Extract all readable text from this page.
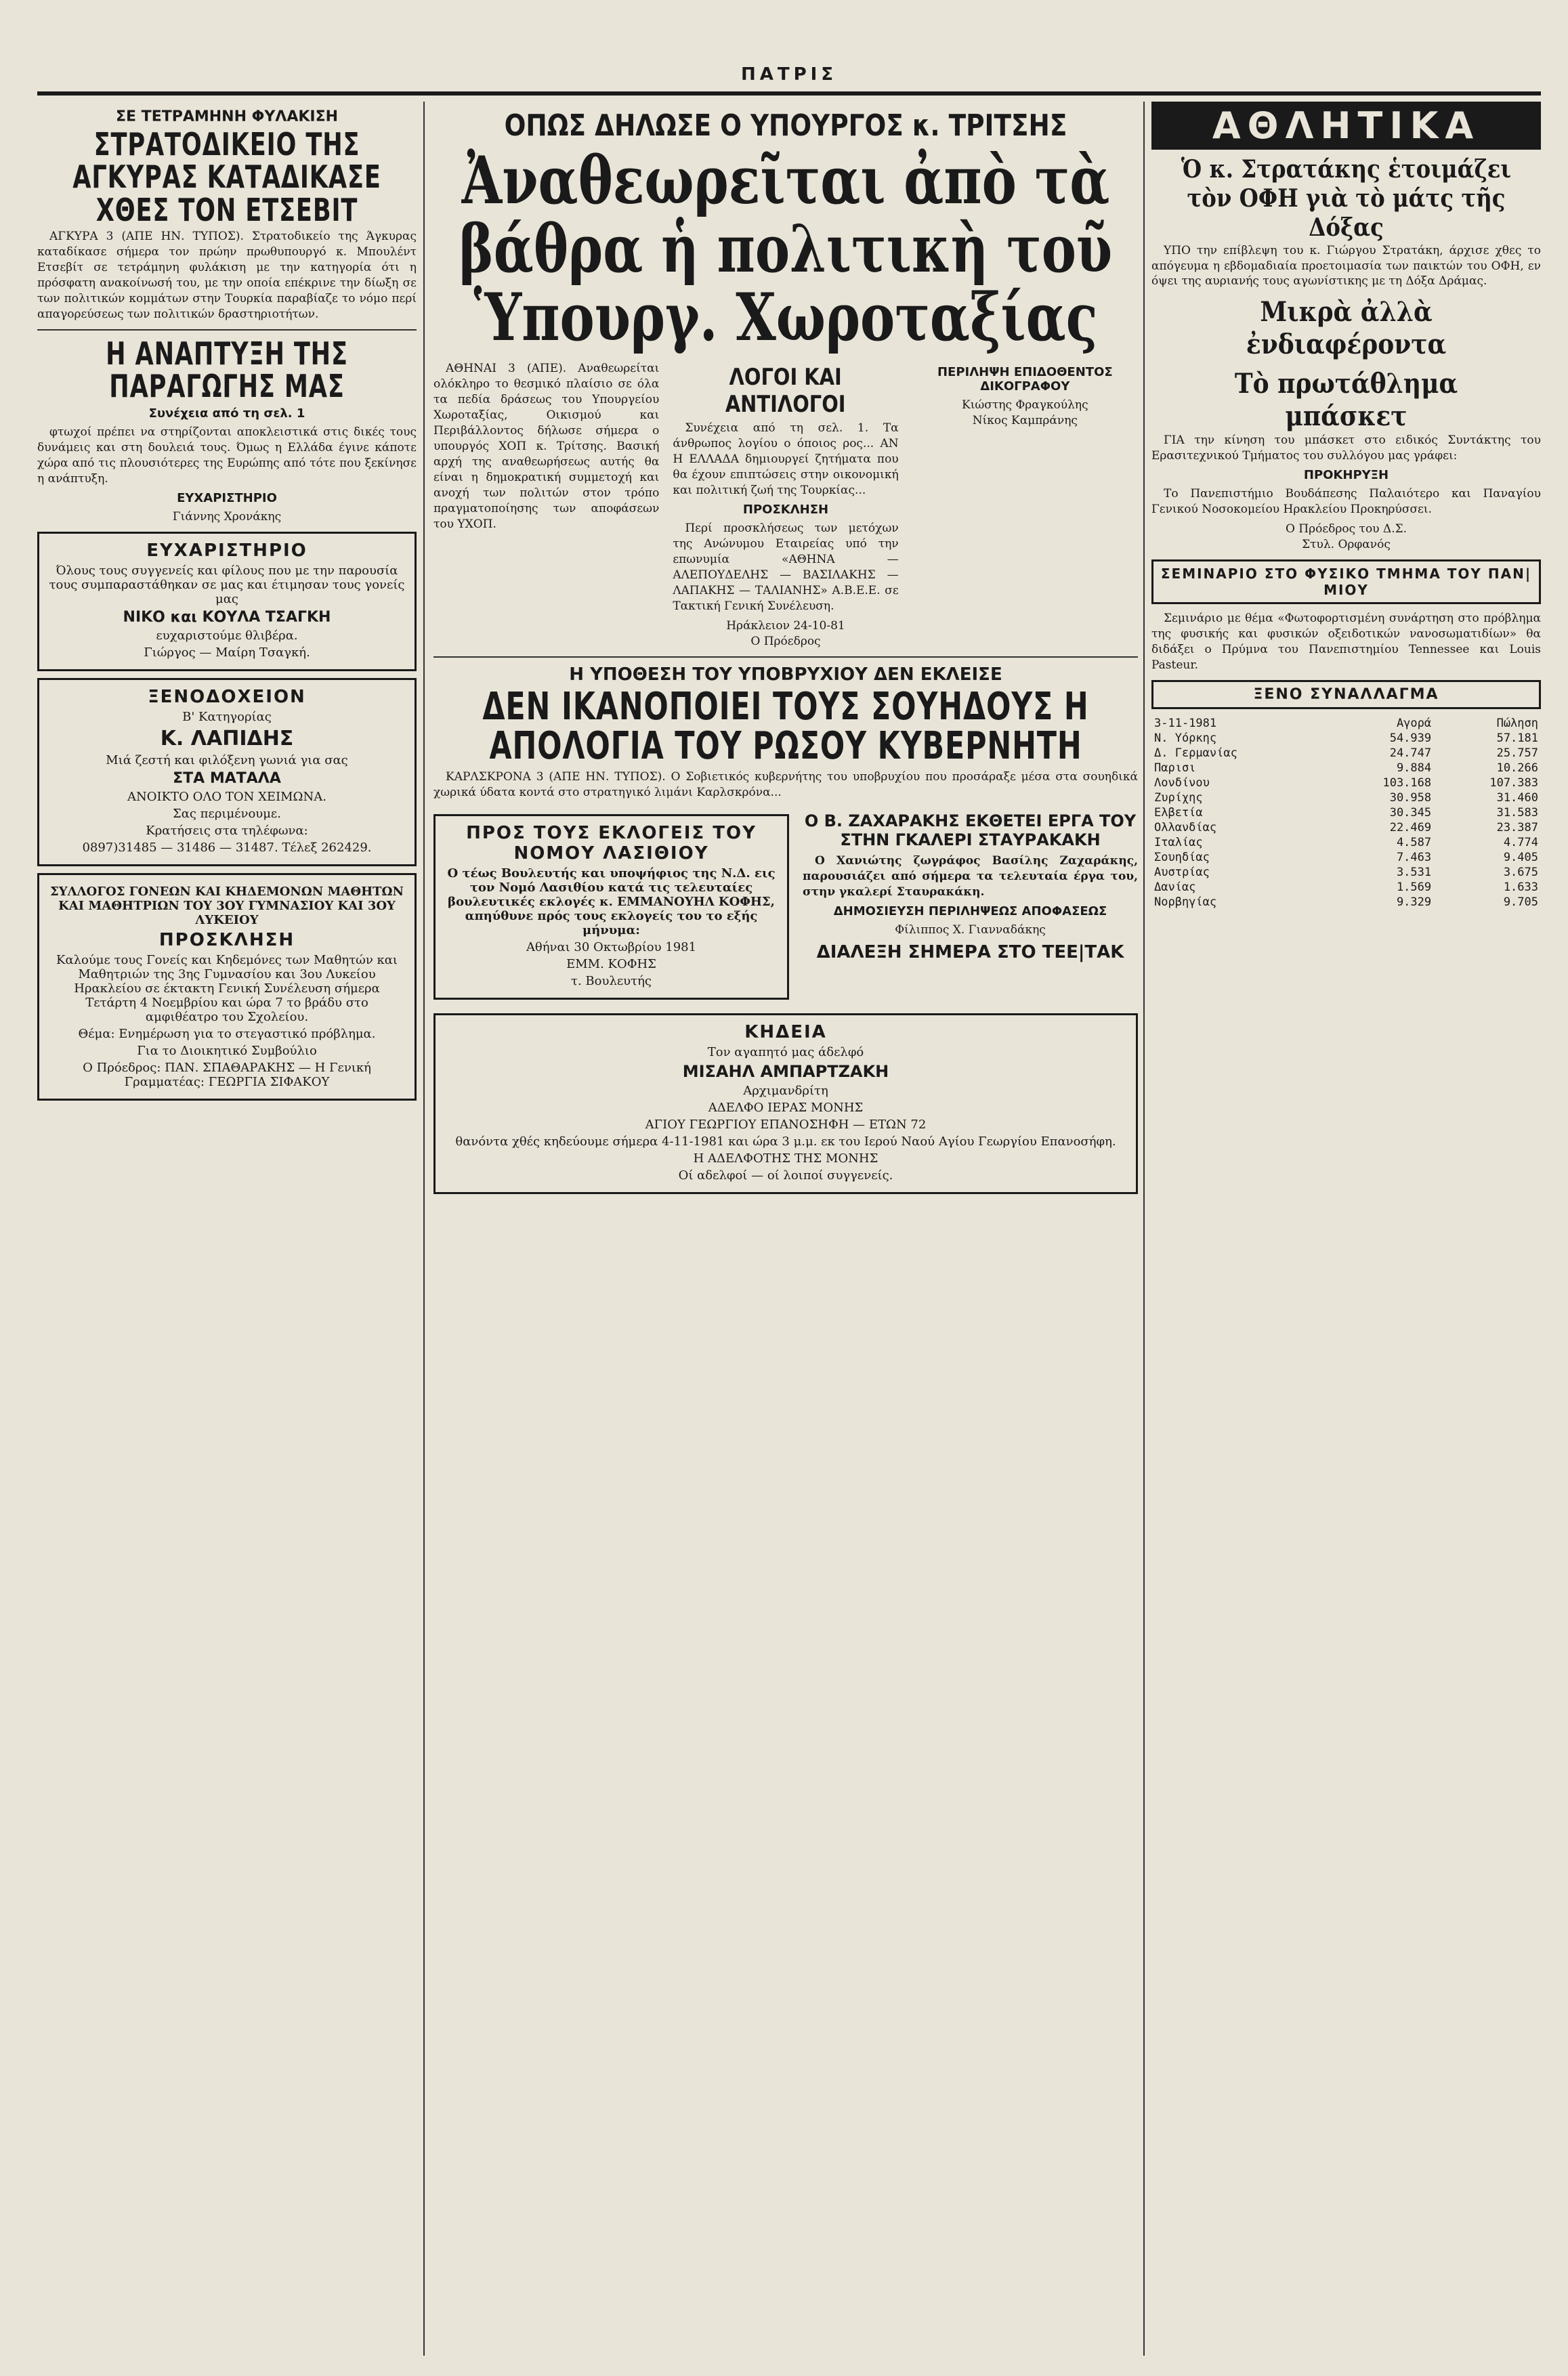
ΠΑΤΡΙΣ
ΣΕ ΤΕΤΡΑΜΗΝΗ ΦΥΛΑΚΙΣΗ
ΣΤΡΑΤΟΔΙΚΕΙΟ ΤΗΣ ΑΓΚΥΡΑΣ ΚΑΤΑΔΙΚΑΣΕ ΧΘΕΣ ΤΟΝ ΕΤΣΕΒΙΤ

ΑΓΚΥΡΑ 3 (ΑΠΕ ΗΝ. ΤΥΠΟΣ). Στρατοδικείο της Άγκυρας καταδίκασε σήμερα τον πρώην πρωθυπουργό κ. Μπουλέντ Ετσεβίτ σε τετράμηνη φυλάκιση με την κατηγορία ότι η πρόσφατη ανακοίνωσή του, με την οποία επέκρινε την δίωξη σε των πολιτικών κομμάτων στην Τουρκία παραβίαζε το νόμο περί απαγορεύσεως των πολιτικών δραστηριοτήτων.

Η ΑΝΑΠΤΥΞΗ ΤΗΣ ΠΑΡΑΓΩΓΗΣ ΜΑΣ
Συνέχεια από τη σελ. 1

φτωχοί πρέπει να στηρίζονται αποκλειστικά στις δικές τους δυνάμεις και στη δουλειά τους. Όμως η Ελλάδα έγινε κάποτε χώρα από τις πλουσιότερες της Ευρώπης από τότε που ξεκίνησε η ανάπτυξη.

ΕΥΧΑΡΙΣΤΗΡΙΟ
Γιάννης Χρονάκης
ΕΥΧΑΡΙΣΤΗΡΙΟ
Όλους τους συγγενείς και φίλους που με την παρουσία τους συμπαραστάθηκαν σε μας και έτιμησαν τους γονείς μας
ΝΙΚΟ και ΚΟΥΛΑ ΤΣΑΓΚΗ
ευχαριστούμε θλιβέρα.
Γιώργος — Μαίρη Τσαγκή.
ΞΕΝΟΔΟΧΕΙΟΝ
Β' Κατηγορίας
Κ. ΛΑΠΙΔΗΣ
Μιά ζεστή και φιλόξενη γωνιά για σας
ΣΤΑ ΜΑΤΑΛΑ
ΑΝΟΙΚΤΟ ΟΛΟ ΤΟΝ ΧΕΙΜΩΝΑ.
Σας περιμένουμε.
Κρατήσεις στα τηλέφωνα:
0897)31485 — 31486 — 31487. Τέλεξ 262429.
ΣΥΛΛΟΓΟΣ ΓΟΝΕΩΝ ΚΑΙ ΚΗΔΕΜΟΝΩΝ ΜΑΘΗΤΩΝ ΚΑΙ ΜΑΘΗΤΡΙΩΝ ΤΟΥ 3ΟΥ ΓΥΜΝΑΣΙΟΥ ΚΑΙ 3ΟΥ ΛΥΚΕΙΟΥ
ΠΡΟΣΚΛΗΣΗ
Καλούμε τους Γονείς και Κηδεμόνες των Μαθητών και Μαθητριών της 3ης Γυμνασίου και 3ου Λυκείου Ηρακλείου σε έκτακτη Γενική Συνέλευση σήμερα Τετάρτη 4 Νοεμβρίου και ώρα 7 το βράδυ στο αμφιθέατρο του Σχολείου.
Θέμα: Ενημέρωση για το στεγαστικό πρόβλημα.
Για το Διοικητικό Συμβούλιο
Ο Πρόεδρος: ΠΑΝ. ΣΠΑΘΑΡΑΚΗΣ — Η Γενική Γραμματέας: ΓΕΩΡΓΙΑ ΣΙΦΑΚΟΥ
ΟΠΩΣ ΔΗΛΩΣΕ Ο ΥΠΟΥΡΓΟΣ κ. ΤΡΙΤΣΗΣ
Ἀναθεωρεῖται ἀπὸ τὰ βάθρα ἡ πολιτικὴ τοῦ Ὑπουργ. Χωροταξίας

ΑΘΗΝΑΙ 3 (ΑΠΕ). Αναθεωρείται ολόκληρο το θεσμικό πλαίσιο σε όλα τα πεδία δράσεως του Υπουργείου Χωροταξίας, Οικισμού και Περιβάλλοντος δήλωσε σήμερα ο υπουργός ΧΟΠ κ. Τρίτσης. Βασική αρχή της αναθεωρήσεως αυτής θα είναι η δημοκρατική συμμετοχή και ανοχή των πολιτών στον τρόπο πραγματοποίησης των αποφάσεων του ΥΧΟΠ.

ΛΟΓΟΙ ΚΑΙ ΑΝΤΙΛΟΓΟΙ

Συνέχεια από τη σελ. 1. Τα άνθρωπος λογίου ο όποιος ρος... ΑΝ Η ΕΛΛΑΔΑ δημιουργεί ζητήματα που θα έχουν επιπτώσεις στην οικονομική και πολιτική ζωή της Τουρκίας...

ΠΡΟΣΚΛΗΣΗ

Περί προσκλήσεως των μετόχων της Ανώνυμου Εταιρείας υπό την επωνυμία «ΑΘΗΝΑ — ΑΛΕΠΟΥΔΕΛΗΣ — ΒΑΣΙΛΑΚΗΣ — ΛΑΠΑΚΗΣ — ΤΑΛΙΑΝΗΣ» Α.Β.Ε.Ε. σε Τακτική Γενική Συνέλευση.

Ηράκλειον 24-10-81
Ο Πρόεδρος
ΠΕΡΙΛΗΨΗ ΕΠΙΔΟΘΕΝΤΟΣ ΔΙΚΟΓΡΑΦΟΥ
Κιώστης Φραγκούλης
Νίκος Καμπράνης
Η ΥΠΟΘΕΣΗ ΤΟΥ ΥΠΟΒΡΥΧΙΟΥ ΔΕΝ ΕΚΛΕΙΣΕ
ΔΕΝ ΙΚΑΝΟΠΟΙΕΙ ΤΟΥΣ ΣΟΥΗΔΟΥΣ Η ΑΠΟΛΟΓΙΑ ΤΟΥ ΡΩΣΟΥ ΚΥΒΕΡΝΗΤΗ

ΚΑΡΛΣΚΡΟΝΑ 3 (ΑΠΕ ΗΝ. ΤΥΠΟΣ). Ο Σοβιετικός κυβερνήτης του υποβρυχίου που προσάραξε μέσα στα σουηδικά χωρικά ύδατα κοντά στο στρατηγικό λιμάνι Καρλσκρόνα...

ΠΡΟΣ ΤΟΥΣ ΕΚΛΟΓΕΙΣ ΤΟΥ ΝΟΜΟΥ ΛΑΣΙΘΙΟΥ
Ο τέως Βουλευτής και υποψήφιος της Ν.Δ. εις τον Νομό Λασιθίου κατά τις τελευταίες βουλευτικές εκλογές κ. ΕΜΜΑΝΟΥΗΛ ΚΟΦΗΣ, απηύθυνε πρός τους εκλογείς του το εξής μήνυμα:
Αθήναι 30 Οκτωβρίου 1981
ΕΜΜ. ΚΟΦΗΣ
τ. Βουλευτής
Ο Β. ΖΑΧΑΡΑΚΗΣ ΕΚΘΕΤΕΙ ΕΡΓΑ ΤΟΥ ΣΤΗΝ ΓΚΑΛΕΡΙ ΣΤΑΥΡΑΚΑΚΗ

Ο Χανιώτης ζωγράφος Βασίλης Ζαχαράκης, παρουσιάζει από σήμερα τα τελευταία έργα του, στην γκαλερί Σταυρακάκη.

ΔΗΜΟΣΙΕΥΣΗ ΠΕΡΙΛΗΨΕΩΣ ΑΠΟΦΑΣΕΩΣ
Φίλιππος Χ. Γιανναδάκης
ΔΙΑΛΕΞΗ ΣΗΜΕΡΑ ΣΤΟ ΤΕΕ|ΤΑΚ
ΚΗΔΕΙΑ
Τον αγαπητό μας άδελφό
ΜΙΣΑΗΛ ΑΜΠΑΡΤΖΑΚΗ
Αρχιμανδρίτη
ΑΔΕΛΦΟ ΙΕΡΑΣ ΜΟΝΗΣ
ΑΓΙΟΥ ΓΕΩΡΓΙΟΥ ΕΠΑΝΟΣΗΦΗ — ΕΤΩΝ 72
θανόντα χθές κηδεύουμε σήμερα 4-11-1981 και ώρα 3 μ.μ. εκ του Ιερού Ναού Αγίου Γεωργίου Επανοσήφη.
Η ΑΔΕΛΦΟΤΗΣ ΤΗΣ ΜΟΝΗΣ
Οί αδελφοί — οί λοιποί συγγενείς.
ΑΘΛΗΤΙΚΑ
Ὁ κ. Στρατάκης ἑτοιμάζει τὸν ΟΦΗ γιὰ τὸ μάτς τῆς Δόξας

ΥΠΟ την επίβλεψη του κ. Γιώργου Στρατάκη, άρχισε χθες το απόγευμα η εβδομαδιαία προετοιμασία των παικτών του ΟΦΗ, εν όψει της αυριανής τους αγωνίστικης με τη Δόξα Δράμας.

Μικρὰ ἀλλὰ ἐνδιαφέροντα
Τὸ πρωτάθλημα μπάσκετ

ΓΙΑ την κίνηση του μπάσκετ στο ειδικός Συντάκτης του Ερασιτεχνικού Τμήματος του συλλόγου μας γράφει:

ΠΡΟΚΗΡΥΞΗ

Το Πανεπιστήμιο Βουδάπεσης Παλαιότερο και Παναγίου Γενικού Νοσοκομείου Ηρακλείου Προκηρύσσει.

Ο Πρόεδρος του Δ.Σ.
Στυλ. Ορφανός
ΣΕΜΙΝΑΡΙΟ ΣΤΟ ΦΥΣΙΚΟ ΤΜΗΜΑ ΤΟΥ ΠΑΝ|ΜΙΟΥ

Σεμινάριο με θέμα «Φωτοφορτισμένη συνάρτηση στο πρόβλημα της φυσικής και φυσικών οξειδοτικών νανοσωματιδίων» θα διδάξει ο Πρύμνα του Πανεπιστημίου Tennessee και Louis Pasteur.

ΞΕΝΟ ΣΥΝΑΛΛΑΓΜΑ
3-11-1981	Αγορά	Πώληση
Ν. Υόρκης	54.939	57.181
Δ. Γερμανίας	24.747	25.757
Παρισι	9.884	10.266
Λονδίνου	103.168	107.383
Ζυρίχης	30.958	31.460
Ελβετία	30.345	31.583
Ολλανδίας	22.469	23.387
Ιταλίας	4.587	4.774
Σουηδίας	7.463	9.405
Αυστρίας	3.531	3.675
Δανίας	1.569	1.633
Νορβηγίας	9.329	9.705
